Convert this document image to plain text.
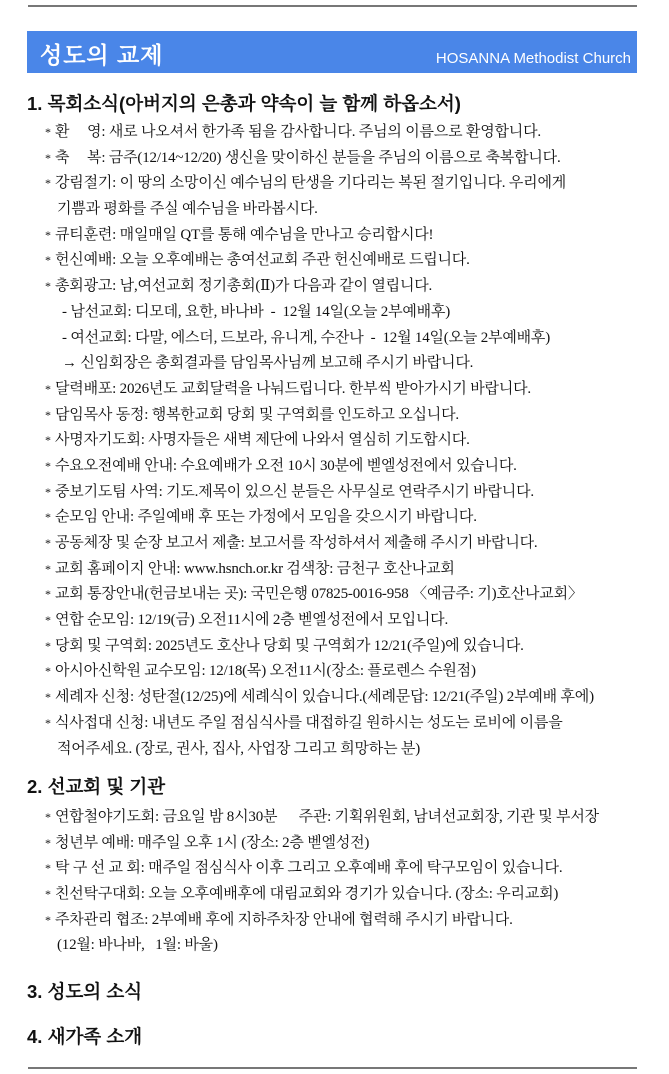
성도의 교제	HOSANNA Methodist Church
1. 목회소식(아버지의 은총과 약속이 늘 함께 하옵소서)
* 환     영: 새로 나오셔서 한가족 됨을 감사합니다. 주님의 이름으로 환영합니다.
* 축     복: 금주(12/14~12/20) 생신을 맞이하신 분들을 주님의 이름으로 축복합니다.
* 강림절기: 이 땅의 소망이신 예수님의 탄생을 기다리는 복된 절기입니다. 우리에게
기쁨과 평화를 주실 예수님을 바라봅시다.
* 큐티훈련: 매일매일 QT를 통해 예수님을 만나고 승리합시다!
* 헌신예배: 오늘 오후예배는 총여선교회 주관 헌신예배로 드립니다.
* 총회광고: 남,여선교회 정기총회(Ⅱ)가 다음과 같이 열립니다.
- 남선교회: 디모데, 요한, 바나바  -  12월 14일(오늘 2부예배후)
- 여선교회: 다말, 에스더, 드보라, 유니게, 수잔나  -  12월 14일(오늘 2부예배후)
→ 신임회장은 총회결과를 담임목사님께 보고해 주시기 바랍니다.
* 달력배포: 2026년도 교회달력을 나눠드립니다. 한부씩 받아가시기 바랍니다.
* 담임목사 동정: 행복한교회 당회 및 구역회를 인도하고 오십니다.
* 사명자기도회: 사명자들은 새벽 제단에 나와서 열심히 기도합시다.
* 수요오전예배 안내: 수요예배가 오전 10시 30분에 벧엘성전에서 있습니다.
* 중보기도팀 사역: 기도.제목이 있으신 분들은 사무실로 연락주시기 바랍니다.
* 순모임 안내: 주일예배 후 또는 가정에서 모임을 갖으시기 바랍니다.
* 공동체장 및 순장 보고서 제출: 보고서를 작성하셔서 제출해 주시기 바랍니다.
* 교회 홈페이지 안내: www.hsnch.or.kr 검색창: 금천구 호산나교회
* 교회 통장안내(헌금보내는 곳): 국민은행 07825-0016-958 〈예금주: 기)호산나교회〉
* 연합 순모임: 12/19(금) 오전11시에 2층 벧엘성전에서 모입니다.
* 당회 및 구역회: 2025년도 호산나 당회 및 구역회가 12/21(주일)에 있습니다.
* 아시아신학원 교수모임: 12/18(목) 오전11시(장소: 플로렌스 수원점)
* 세례자 신청: 성탄절(12/25)에 세례식이 있습니다.(세례문답: 12/21(주일) 2부예배 후에)
* 식사접대 신청: 내년도 주일 점심식사를 대접하길 원하시는 성도는 로비에 이름을
적어주세요. (장로, 권사, 집사, 사업장 그리고 희망하는 분)
2. 선교회 및 기관
* 연합철야기도회: 금요일 밤 8시30분      주관: 기획위원회, 남녀선교회장, 기관 및 부서장
* 청년부 예배: 매주일 오후 1시 (장소: 2층 벧엘성전)
* 탁 구 선 교 회: 매주일 점심식사 이후 그리고 오후예배 후에 탁구모임이 있습니다.
* 친선탁구대회: 오늘 오후예배후에 대림교회와 경기가 있습니다. (장소: 우리교회)
* 주차관리 협조: 2부예배 후에 지하주차장 안내에 협력해 주시기 바랍니다.
(12월: 바나바,   1월: 바울)
3. 성도의 소식
4. 새가족 소개
